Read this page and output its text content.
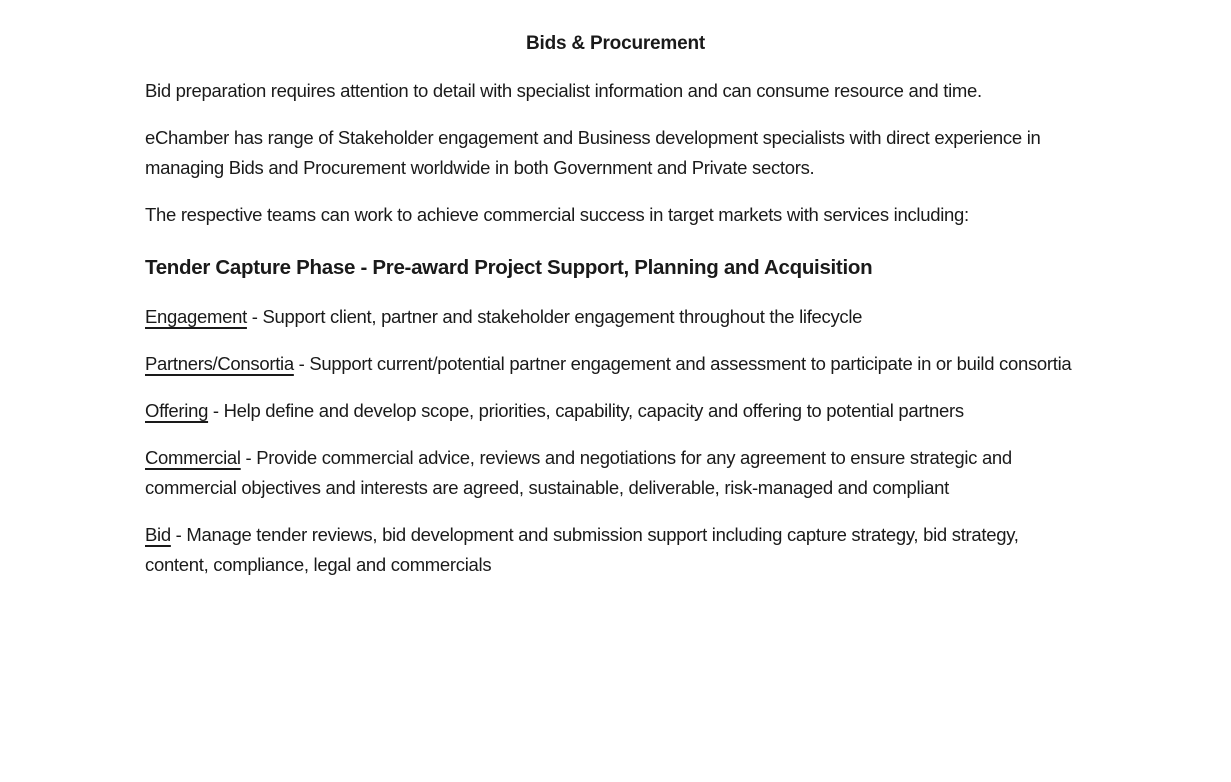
Bids & Procurement

Bid preparation requires attention to detail with specialist information and can consume resource and time.

eChamber has range of Stakeholder engagement and Business development specialists with direct experience in managing Bids and Procurement worldwide in both Government and Private sectors.

The respective teams can work to achieve commercial success in target markets with services including:

Tender Capture Phase - Pre-award Project Support, Planning and Acquisition

Engagement - Support client, partner and stakeholder engagement throughout the lifecycle

Partners/Consortia - Support current/potential partner engagement and assessment to participate in or build consortia

Offering - Help define and develop scope, priorities, capability, capacity and offering to potential partners

Commercial - Provide commercial advice, reviews and negotiations for any agreement to ensure strategic and commercial objectives and interests are agreed, sustainable, deliverable, risk-managed and compliant

Bid - Manage tender reviews, bid development and submission support including capture strategy, bid strategy, content, compliance, legal and commercials
